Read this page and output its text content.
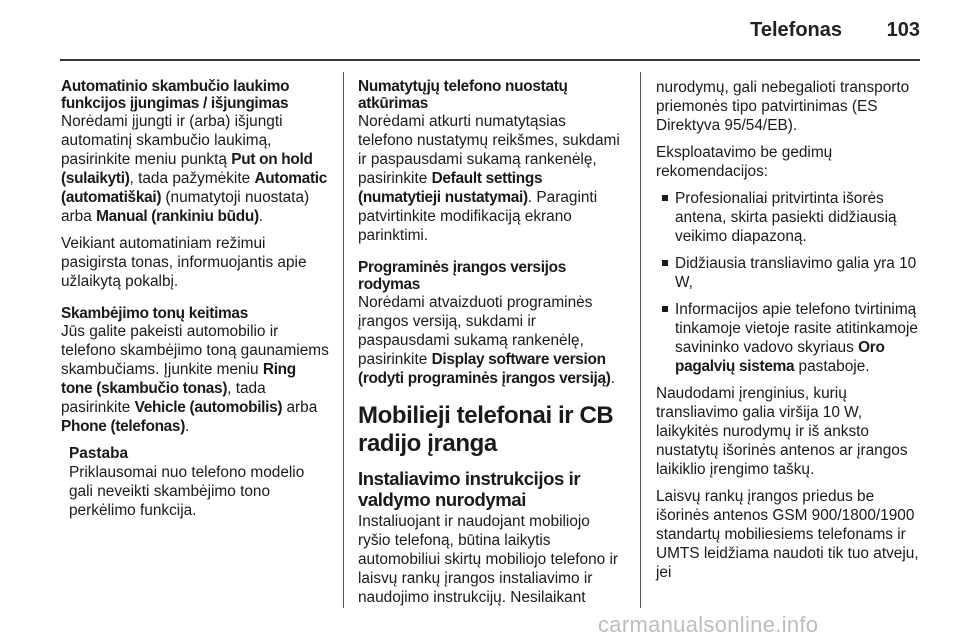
Telefonas 103
Automatinio skambučio laukimo funkcijos įjungimas / išjungimas

Norėdami įjungti ir (arba) išjungti automatinį skambučio laukimą, pasirinkite meniu punktą Put on hold (sulaikyti), tada pažymėkite Automatic (automatiškai) (numatytoji nuostata) arba Manual (rankiniu būdu).

Veikiant automatiniam režimui pasigirsta tonas, informuojantis apie užlaikytą pokalbį.

Skambėjimo tonų keitimas

Jūs galite pakeisti automobilio ir telefono skambėjimo toną gaunamiems skambučiams. Įjunkite meniu Ring tone (skambučio tonas), tada pasirinkite Vehicle (automobilis) arba Phone (telefonas).

Pastaba

Priklausomai nuo telefono modelio gali neveikti skambėjimo tono perkėlimo funkcija.

Numatytųjų telefono nuostatų atkūrimas

Norėdami atkurti numatytąsias telefono nustatymų reikšmes, sukdami ir paspausdami sukamą rankenėlę, pasirinkite Default settings (numatytieji nustatymai). Paraginti patvirtinkite modifikaciją ekrano parinktimi.

Programinės įrangos versijos rodymas

Norėdami atvaizduoti programinės įrangos versiją, sukdami ir paspausdami sukamą rankenėlę, pasirinkite Display software version (rodyti programinės įrangos versiją).

Mobilieji telefonai ir CB radijo įranga
Instaliavimo instrukcijos ir valdymo nurodymai

Instaliuojant ir naudojant mobiliojo ryšio telefoną, būtina laikytis automobiliui skirtų mobiliojo telefono ir laisvų rankų įrangos instaliavimo ir naudojimo instrukcijų. Nesilaikant

nurodymų, gali nebegalioti transporto priemonės tipo patvirtinimas (ES Direktyva 95/54/EB).

Eksploatavimo be gedimų rekomendacijos:

Profesionaliai pritvirtinta išorės antena, skirta pasiekti didžiausią veikimo diapazoną.
Didžiausia transliavimo galia yra 10 W,
Informacijos apie telefono tvirtinimą tinkamoje vietoje rasite atitinkamoje savininko vadovo skyriaus Oro pagalvių sistema pastaboje.

Naudodami įrenginius, kurių transliavimo galia viršija 10 W, laikykitės nurodymų ir iš anksto nustatytų išorinės antenos ar įrangos laikiklio įrengimo taškų.

Laisvų rankų įrangos priedus be išorinės antenos GSM 900/1800/1900 standartų mobiliesiems telefonams ir UMTS leidžiama naudoti tik tuo atveju, jei

carmanualsonline.info
